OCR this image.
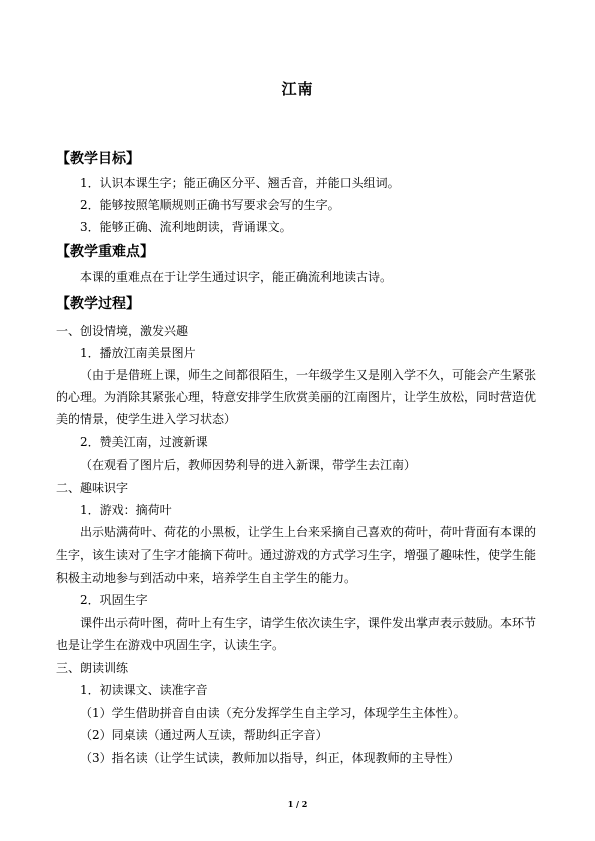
江南
【教学目标】
1．认识本课生字；能正确区分平、翘舌音，并能口头组词。
2．能够按照笔顺规则正确书写要求会写的生字。
3．能够正确、流利地朗读，背诵课文。
【教学重难点】
本课的重难点在于让学生通过识字，能正确流利地读古诗。
【教学过程】
一、创设情境，激发兴趣
1．播放江南美景图片
（由于是借班上课，师生之间都很陌生，一年级学生又是刚入学不久，可能会产生紧张
的心理。为消除其紧张心理，特意安排学生欣赏美丽的江南图片，让学生放松，同时营造优
美的情景，使学生进入学习状态）
2．赞美江南，过渡新课
（在观看了图片后，教师因势利导的进入新课，带学生去江南）
二、趣味识字
1．游戏：摘荷叶
出示贴满荷叶、荷花的小黑板，让学生上台来采摘自己喜欢的荷叶，荷叶背面有本课的
生字，该生读对了生字才能摘下荷叶。通过游戏的方式学习生字，增强了趣味性，使学生能
积极主动地参与到活动中来，培养学生自主学生的能力。
2．巩固生字
课件出示荷叶图，荷叶上有生字，请学生依次读生字，课件发出掌声表示鼓励。本环节
也是让学生在游戏中巩固生字，认读生字。
三、朗读训练
1．初读课文、读准字音
（1）学生借助拼音自由读（充分发挥学生自主学习，体现学生主体性）。
（2）同桌读（通过两人互读，帮助纠正字音）
（3）指名读（让学生试读，教师加以指导，纠正，体现教师的主导性）
1 / 2
